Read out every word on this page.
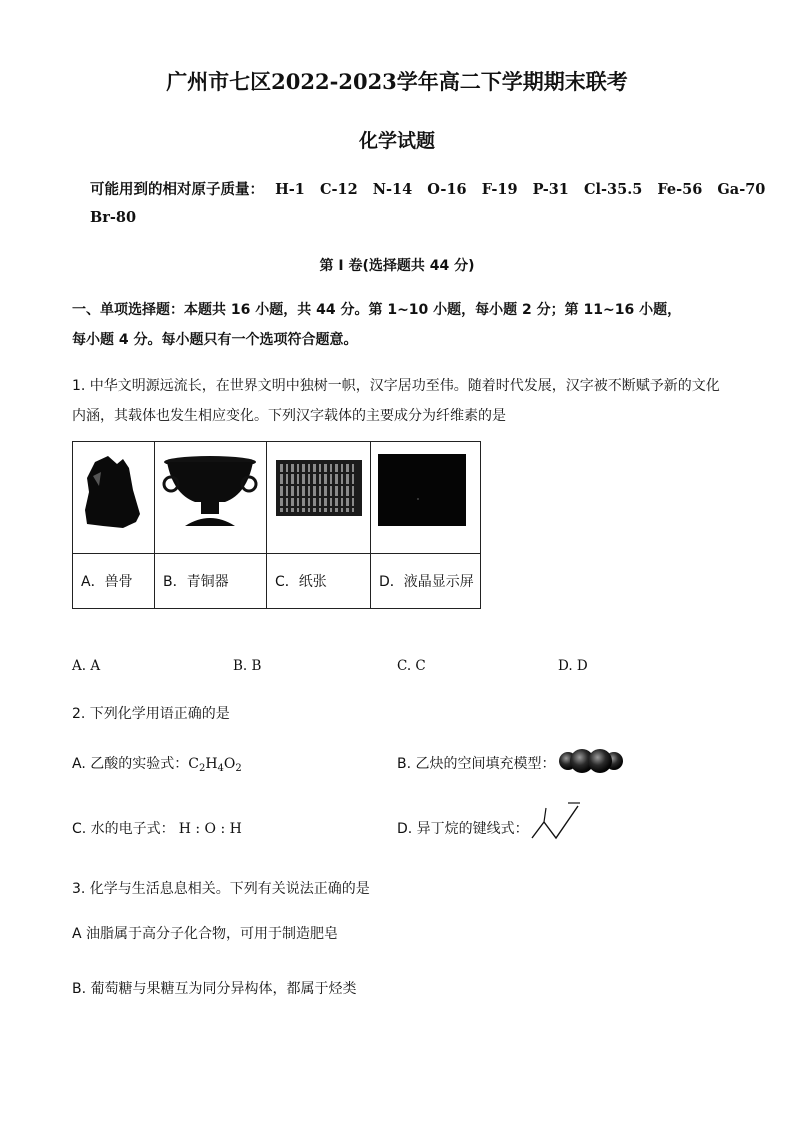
广州市七区2022-2023学年高二下学期期末联考
化学试题
可能用到的相对原子质量： H-1 C-12 N-14 O-16 F-19 P-31 Cl-35.5 Fe-56 Ga-70
Br-80
第 I 卷(选择题共 44 分)
一、单项选择题：本题共 16 小题，共 44 分。第 1~10 小题，每小题 2 分；第 11~16 小题，
每小题 4 分。每小题只有一个选项符合题意。
1. 中华文明源远流长，在世界文明中独树一帜，汉字居功至伟。随着时代发展，汉字被不断赋予新的文化
内涵，其载体也发生相应变化。下列汉字载体的主要成分为纤维素的是

A．兽骨	B．青铜器	C．纸张	D．液晶显示屏
A. A	B. B	C. C	D. D
2. 下列化学用语正确的是
A. 乙酸的实验式：$C_2H_4O_2$	B. 乙炔的空间填充模型：
C. 水的电子式： H : O : H	D. 异丁烷的键线式：
3. 化学与生活息息相关。下列有关说法正确的是
A 油脂属于高分子化合物，可用于制造肥皂
B. 葡萄糖与果糖互为同分异构体，都属于烃类
